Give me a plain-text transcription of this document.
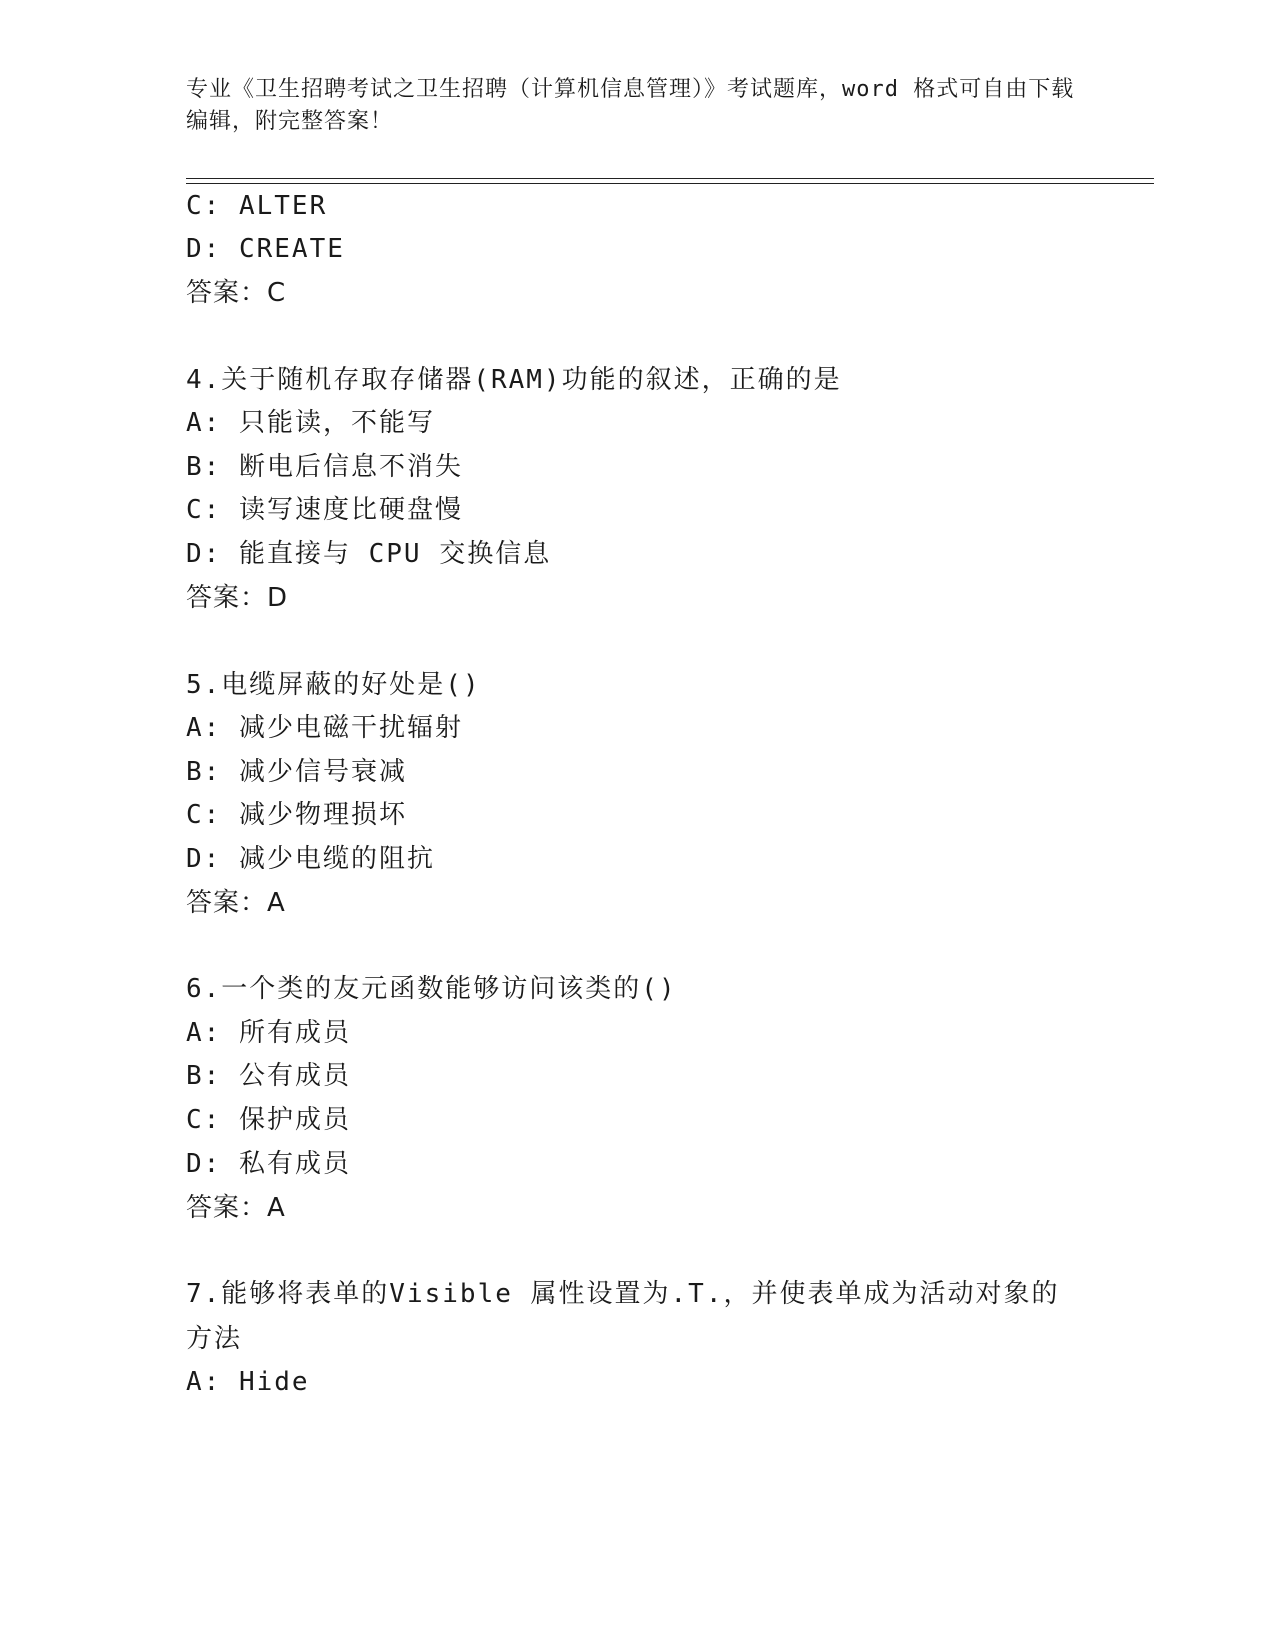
专业《卫生招聘考试之卫生招聘（计算机信息管理）》考试题库，word 格式可自由下载编辑，附完整答案！
C: ALTER
D: CREATE
答案：C
4.关于随机存取存储器(RAM)功能的叙述，正确的是
A: 只能读，不能写
B: 断电后信息不消失
C: 读写速度比硬盘慢
D: 能直接与 CPU 交换信息
答案：D
5.电缆屏蔽的好处是()
A: 减少电磁干扰辐射
B: 减少信号衰减
C: 减少物理损坏
D: 减少电缆的阻抗
答案：A
6.一个类的友元函数能够访问该类的()
A: 所有成员
B: 公有成员
C: 保护成员
D: 私有成员
答案：A
7.能够将表单的Visible 属性设置为.T.，并使表单成为活动对象的方法
A: Hide
